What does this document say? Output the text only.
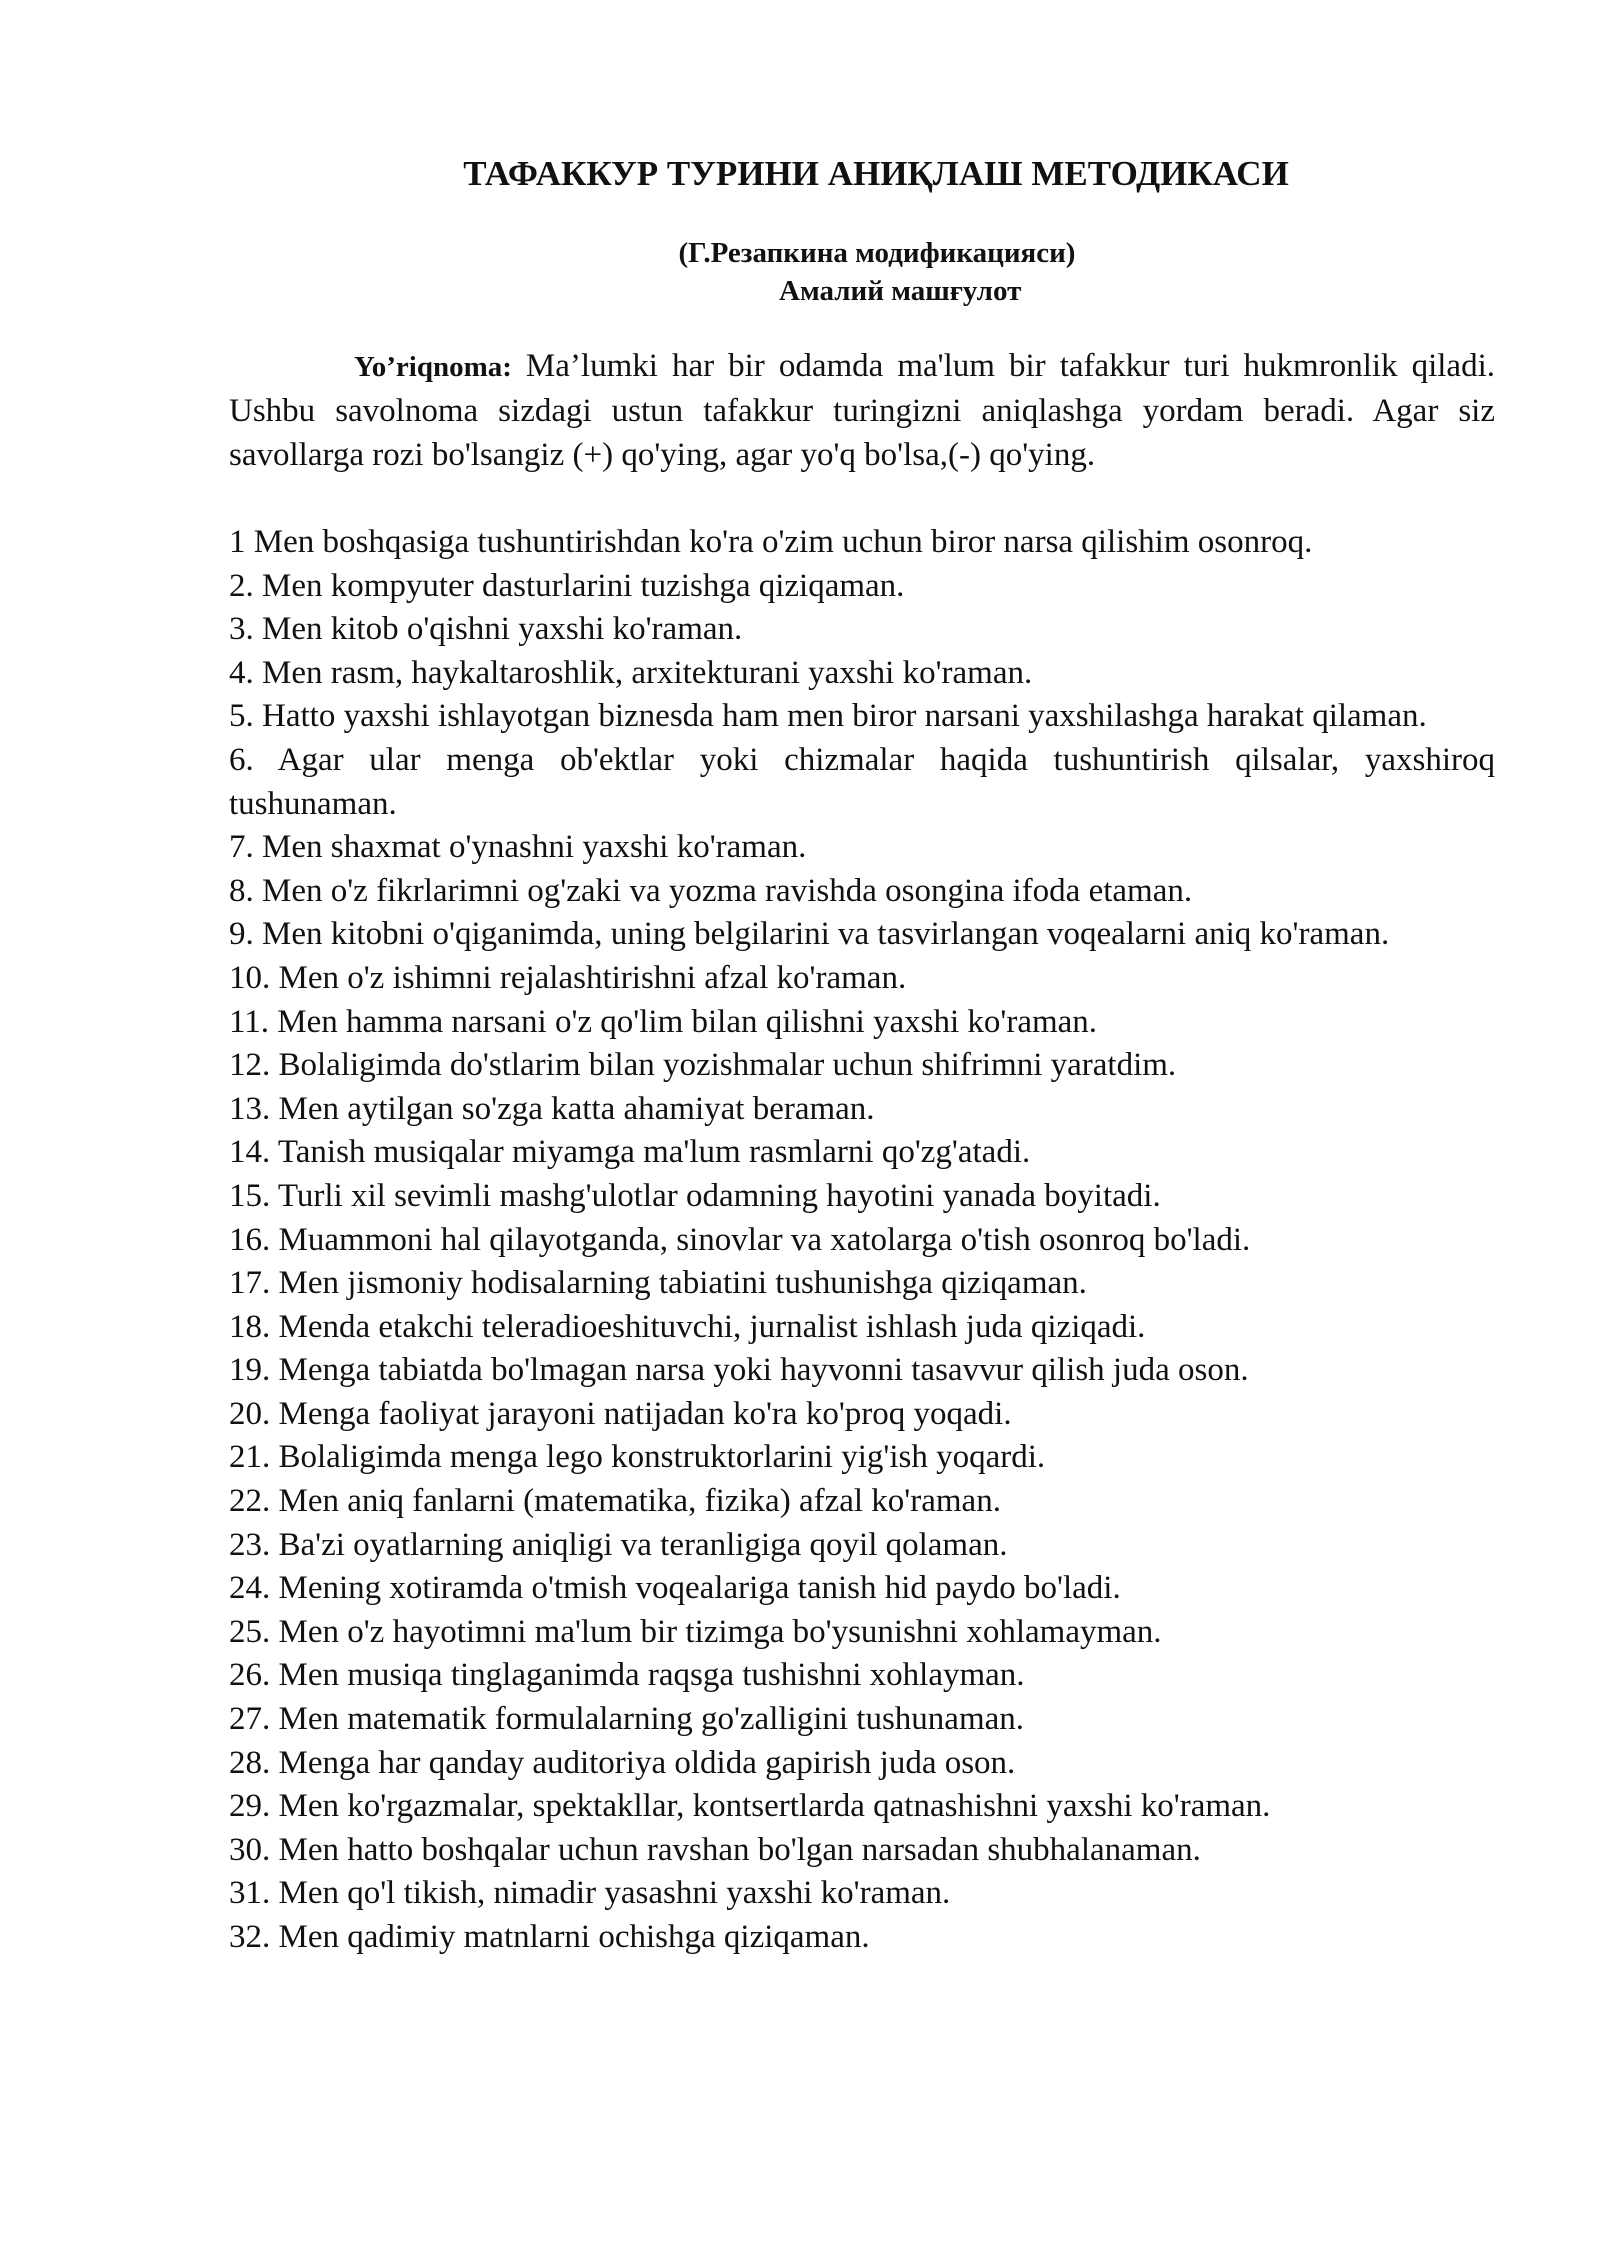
ТАФАККУР ТУРИНИ АНИҚЛАШ МЕТОДИКАСИ

(Г.Резапкина модификацияси)

Амалий машғулот

Yo’riqnoma: Ma’lumki har bir odamda ma'lum bir tafakkur turi hukmronlik qiladi. Ushbu savolnoma sizdagi ustun tafakkur turingizni aniqlashga yordam beradi. Agar siz savollarga rozi bo'lsangiz (+) qo'ying, agar yo'q bo'lsa,(-) qo'ying.

1 Men boshqasiga tushuntirishdan ko'ra o'zim uchun biror narsa qilishim osonroq.

2. Men kompyuter dasturlarini tuzishga qiziqaman.

3. Men kitob o'qishni yaxshi ko'raman.

4. Men rasm, haykaltaroshlik, arxitekturani yaxshi ko'raman.

5. Hatto yaxshi ishlayotgan biznesda ham men biror narsani yaxshilashga harakat qilaman.

6. Agar ular menga ob'ektlar yoki chizmalar haqida tushuntirish qilsalar, yaxshiroq tushunaman.

7. Men shaxmat o'ynashni yaxshi ko'raman.

8. Men o'z fikrlarimni og'zaki va yozma ravishda osongina ifoda etaman.

9. Men kitobni o'qiganimda, uning belgilarini va tasvirlangan voqealarni aniq ko'raman.

10. Men o'z ishimni rejalashtirishni afzal ko'raman.

11. Men hamma narsani o'z qo'lim bilan qilishni yaxshi ko'raman.

12. Bolaligimda do'stlarim bilan yozishmalar uchun shifrimni yaratdim.

13. Men aytilgan so'zga katta ahamiyat beraman.

14. Tanish musiqalar miyamga ma'lum rasmlarni qo'zg'atadi.

15. Turli xil sevimli mashg'ulotlar odamning hayotini yanada boyitadi.

16. Muammoni hal qilayotganda, sinovlar va xatolarga o'tish osonroq bo'ladi.

17. Men jismoniy hodisalarning tabiatini tushunishga qiziqaman.

18. Menda etakchi teleradioeshituvchi, jurnalist ishlash juda qiziqadi.

19. Menga tabiatda bo'lmagan narsa yoki hayvonni tasavvur qilish juda oson.

20. Menga faoliyat jarayoni natijadan ko'ra ko'proq yoqadi.

21. Bolaligimda menga lego konstruktorlarini yig'ish yoqardi.

22. Men aniq fanlarni (matematika, fizika) afzal ko'raman.

23. Ba'zi oyatlarning aniqligi va teranligiga qoyil qolaman.

24. Mening xotiramda o'tmish voqealariga tanish hid paydo bo'ladi.

25. Men o'z hayotimni ma'lum bir tizimga bo'ysunishni xohlamayman.

26. Men musiqa tinglaganimda raqsga tushishni xohlayman.

27. Men matematik formulalarning go'zalligini tushunaman.

28. Menga har qanday auditoriya oldida gapirish juda oson.

29. Men ko'rgazmalar, spektakllar, kontsertlarda qatnashishni yaxshi ko'raman.

30. Men hatto boshqalar uchun ravshan bo'lgan narsadan shubhalanaman.

31. Men qo'l tikish, nimadir yasashni yaxshi ko'raman.

32. Men qadimiy matnlarni ochishga qiziqaman.
